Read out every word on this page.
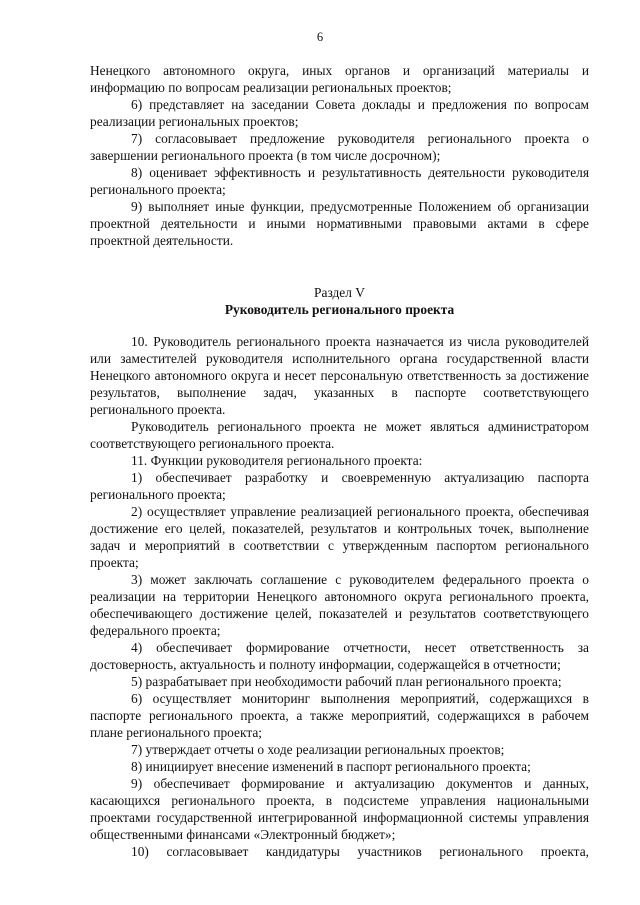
6

Ненецкого автономного округа, иных органов и организаций материалы и информацию по вопросам реализации региональных проектов;

6) представляет на заседании Совета доклады и предложения по вопросам реализации региональных проектов;

7) согласовывает предложение руководителя регионального проекта о завершении регионального проекта (в том числе досрочном);

8) оценивает эффективность и результативность деятельности руководителя регионального проекта;

9) выполняет иные функции, предусмотренные Положением об организации проектной деятельности и иными нормативными правовыми актами в сфере проектной деятельности.

Раздел V

Руководитель регионального проекта

10. Руководитель регионального проекта назначается из числа руководителей или заместителей руководителя исполнительного органа государственной власти Ненецкого автономного округа и несет персональную ответственность за достижение результатов, выполнение задач, указанных в паспорте соответствующего регионального проекта.

Руководитель регионального проекта не может являться администратором соответствующего регионального проекта.

11. Функции руководителя регионального проекта:

1) обеспечивает разработку и своевременную актуализацию паспорта регионального проекта;

2) осуществляет управление реализацией регионального проекта, обеспечивая достижение его целей, показателей, результатов и контрольных точек, выполнение задач и мероприятий в соответствии с утвержденным паспортом регионального проекта;

3) может заключать соглашение с руководителем федерального проекта о реализации на территории Ненецкого автономного округа регионального проекта, обеспечивающего достижение целей, показателей и результатов соответствующего федерального проекта;

4) обеспечивает формирование отчетности, несет ответственность за достоверность, актуальность и полноту информации, содержащейся в отчетности;

5) разрабатывает при необходимости рабочий план регионального проекта;

6) осуществляет мониторинг выполнения мероприятий, содержащихся в паспорте регионального проекта, а также мероприятий, содержащихся в рабочем плане регионального проекта;

7) утверждает отчеты о ходе реализации региональных проектов;

8) инициирует внесение изменений в паспорт регионального проекта;

9) обеспечивает формирование и актуализацию документов и данных, касающихся регионального проекта, в подсистеме управления национальными проектами государственной интегрированной информационной системы управления общественными финансами «Электронный бюджет»;

10) согласовывает кандидатуры участников регионального проекта,
